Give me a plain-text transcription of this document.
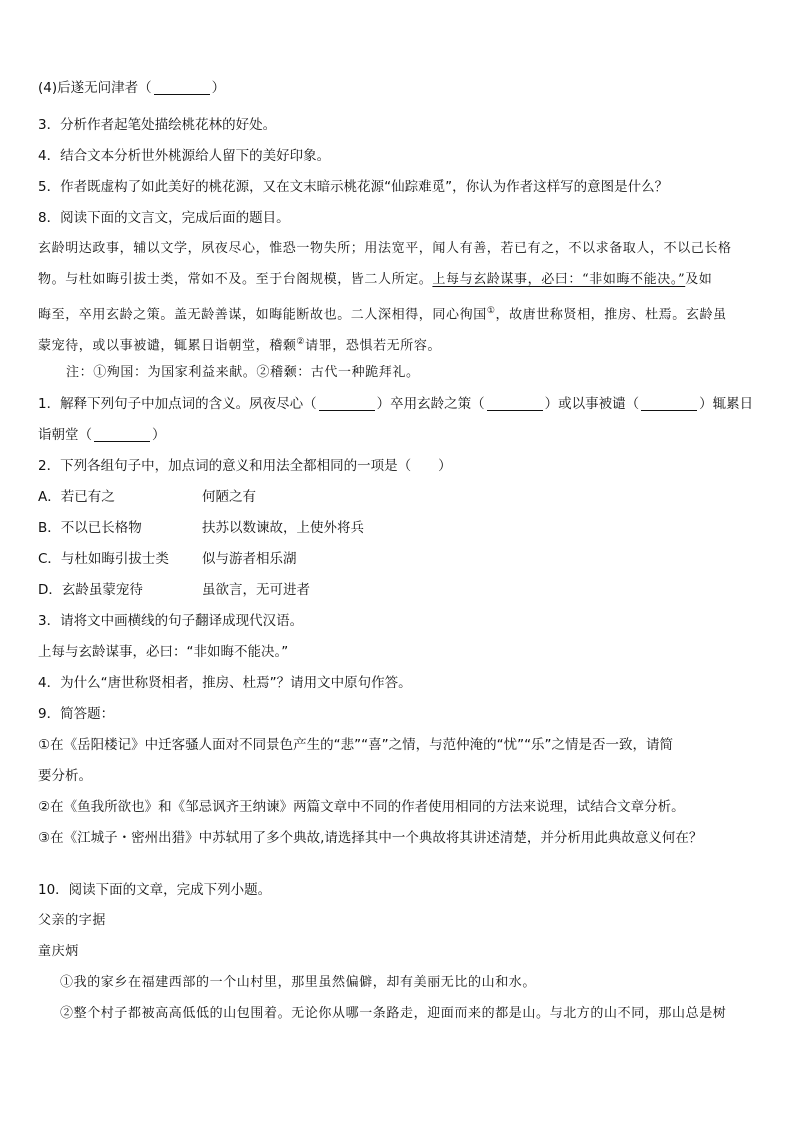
(4)后遂无问津者（	）

3．分析作者起笔处描绘桃花林的好处。

4．结合文本分析世外桃源给人留下的美好印象。

5．作者既虚构了如此美好的桃花源，又在文末暗示桃花源“仙踪难觅”，你认为作者这样写的意图是什么？

8．阅读下面的文言文，完成后面的题目。

玄龄明达政事，辅以文学，夙夜尽心，惟恐一物失所；用法宽平，闻人有善，若已有之，不以求备取人，不以己长格

物。与杜如晦引拔士类，常如不及。至于台阁规模，皆二人所定。上每与玄龄谋事，必曰：“非如晦不能决。”及如

晦至，卒用玄龄之策。盖无龄善谋，如晦能断故也。二人深相得，同心徇国①，故唐世称贤相，推房、杜焉。玄龄虽

蒙宠待，或以事被谴，辄累日诣朝堂，稽颡②请罪，恐惧若无所容。

注：①殉国：为国家利益来献。②稽颡：古代一种跪拜礼。

1．解释下列句子中加点词的含义。夙夜尽心（	）卒用玄龄之策（	）或以事被谴（	）辄累日

诣朝堂（	）

2．下列各组句子中，加点词的意义和用法全都相同的一项是（　　）

A．若已有之	何陋之有

B．不以已长格物	扶苏以数谏故，上使外将兵

C．与杜如晦引拔士类 似与游者相乐湖

D．玄龄虽蒙宠待	虽欲言，无可进者

3．请将文中画横线的句子翻译成现代汉语。

上每与玄龄谋事，必曰：“非如晦不能决。”

4．为什么“唐世称贤相者，推房、杜焉”？请用文中原句作答。

9．简答题：

①在《岳阳楼记》中迁客骚人面对不同景色产生的“悲”“喜”之情，与范仲淹的“忧”“乐”之情是否一致，请简

要分析。

②在《鱼我所欲也》和《邹忌讽齐王纳谏》两篇文章中不同的作者使用相同的方法来说理，试结合文章分析。

③在《江城子・密州出猎》中苏轼用了多个典故,请选择其中一个典故将其讲述清楚，并分析用此典故意义何在？

10．阅读下面的文章，完成下列小题。

父亲的字据

童庆炳

①我的家乡在福建西部的一个山村里，那里虽然偏僻，却有美丽无比的山和水。

②整个村子都被高高低低的山包围着。无论你从哪一条路走，迎面而来的都是山。与北方的山不同，那山总是树
